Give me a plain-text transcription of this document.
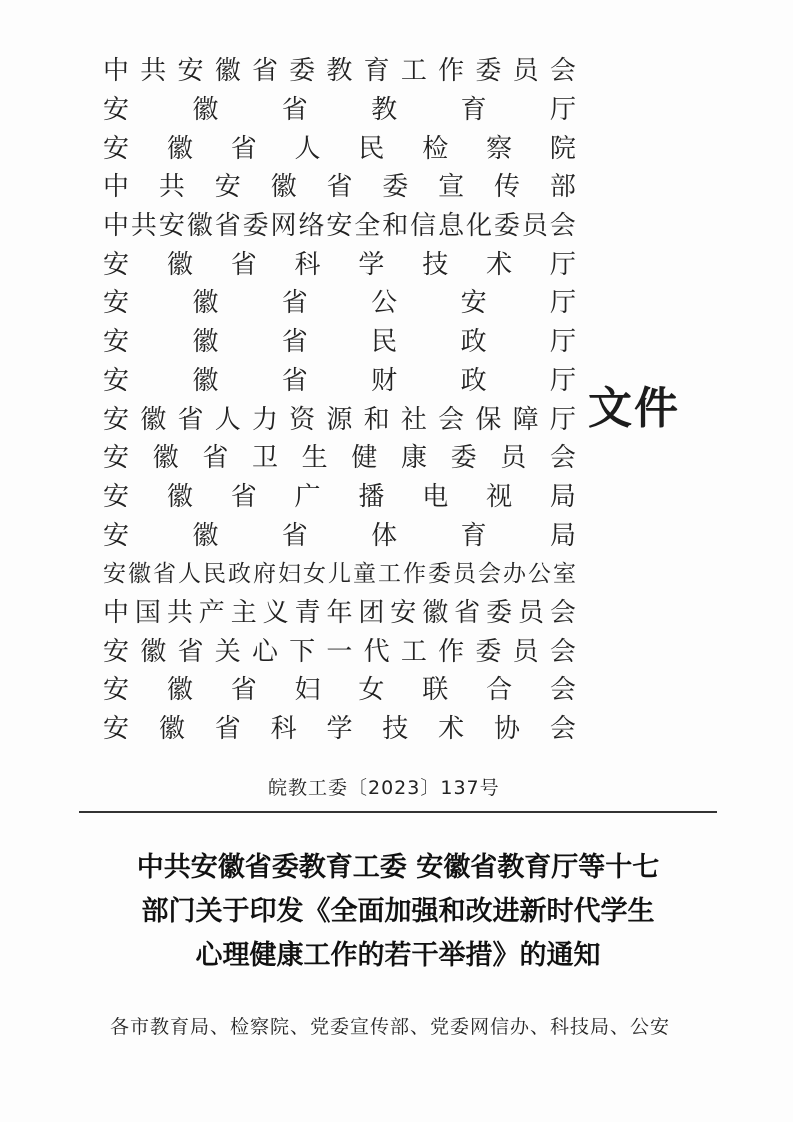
中 共 安 徽 省 委 教 育 工 作 委 员 会
安 徽 省 教 育 厅
安 徽 省 人 民 检 察 院
中 共 安 徽 省 委 宣 传 部
中 共 安 徽 省 委 网 络 安 全 和 信 息 化 委 员 会
安 徽 省 科 学 技 术 厅
安 徽 省 公 安 厅
安 徽 省 民 政 厅
安 徽 省 财 政 厅
安 徽 省 人 力 资 源 和 社 会 保 障 厅
安 徽 省 卫 生 健 康 委 员 会
安 徽 省 广 播 电 视 局
安 徽 省 体 育 局
安 徽 省 人 民 政 府 妇 女 儿 童 工 作 委 员 会 办 公 室
中 国 共 产 主 义 青 年 团 安 徽 省 委 员 会
安 徽 省 关 心 下 一 代 工 作 委 员 会
安 徽 省 妇 女 联 合 会
安 徽 省 科 学 技 术 协 会
文件
皖教工委〔2023〕137号
中共安徽省委教育工委 安徽省教育厅等十七
部门关于印发《全面加强和改进新时代学生
心理健康工作的若干举措》的通知
各市教育局、检察院、党委宣传部、党委网信办、科技局、公安
